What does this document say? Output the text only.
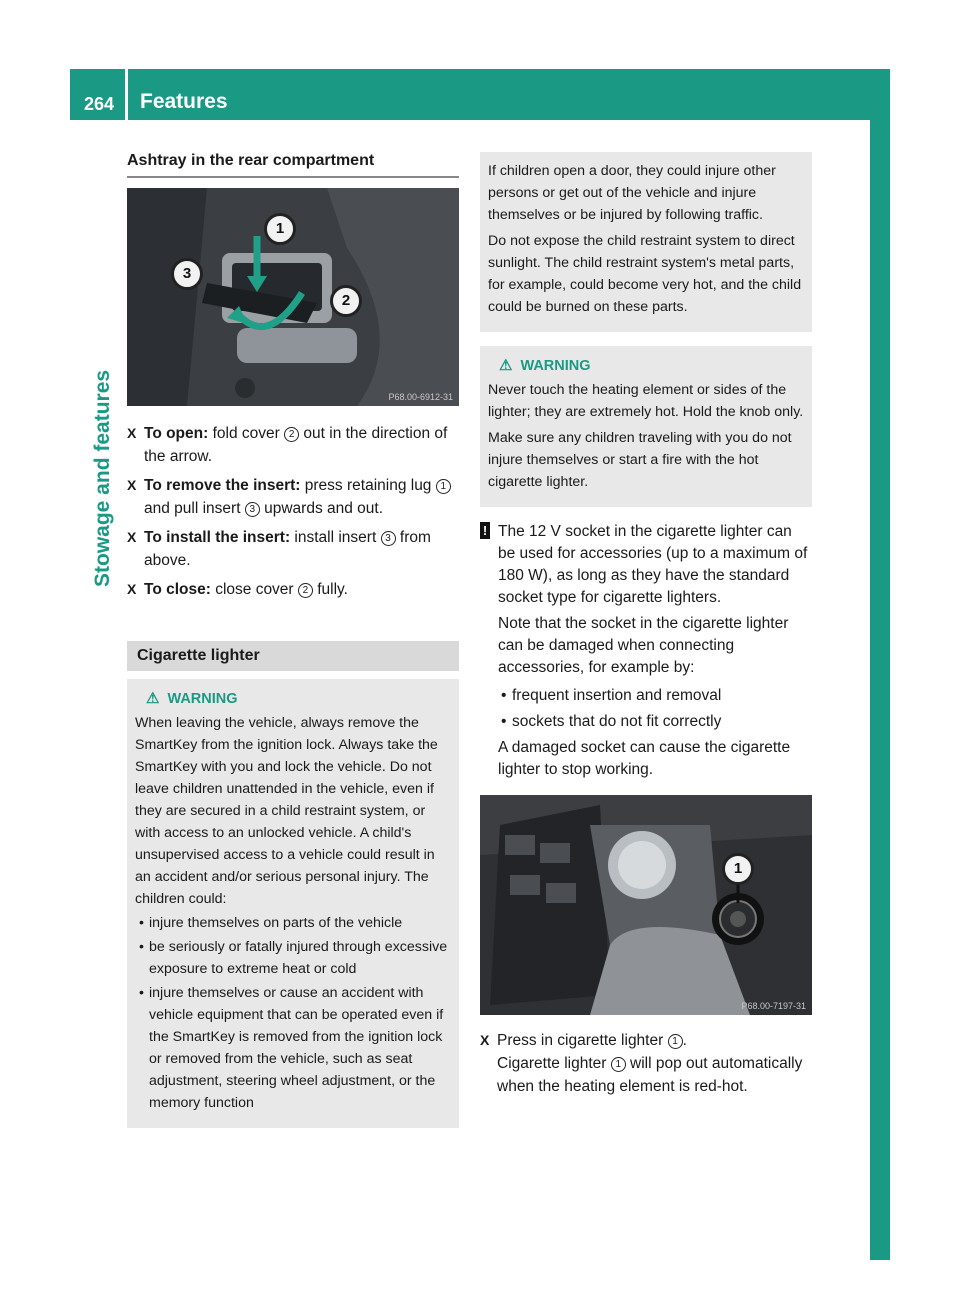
264 Features
Stowage and features
Ashtray in the rear compartment
1
2
3
P68.00-6912-31
X To open: fold cover 2 out in the direction of the arrow.
X To remove the insert: press retaining lug 1 and pull insert 3 upwards and out.
X To install the insert: install insert 3 from above.
X To close: close cover 2 fully.
Cigarette lighter
⚠ WARNING

When leaving the vehicle, always remove the SmartKey from the ignition lock. Always take the SmartKey with you and lock the vehicle. Do not leave children unattended in the vehicle, even if they are secured in a child restraint system, or with access to an unlocked vehicle. A child's unsupervised access to a vehicle could result in an accident and/or serious personal injury. The children could:

• injure themselves on parts of the vehicle
• be seriously or fatally injured through excessive exposure to extreme heat or cold
• injure themselves or cause an accident with vehicle equipment that can be operated even if the SmartKey is removed from the ignition lock or removed from the vehicle, such as seat adjustment, steering wheel adjustment, or the memory function

If children open a door, they could injure other persons or get out of the vehicle and injure themselves or be injured by following traffic.

Do not expose the child restraint system to direct sunlight. The child restraint system's metal parts, for example, could become very hot, and the child could be burned on these parts.

⚠ WARNING

Never touch the heating element or sides of the lighter; they are extremely hot. Hold the knob only.

Make sure any children traveling with you do not injure themselves or start a fire with the hot cigarette lighter.

! The 12 V socket in the cigarette lighter can be used for accessories (up to a maximum of 180 W), as long as they have the standard socket type for cigarette lighters.

Note that the socket in the cigarette lighter can be damaged when connecting accessories, for example by:

• frequent insertion and removal
• sockets that do not fit correctly

A damaged socket can cause the cigarette lighter to stop working.

1
P68.00-7197-31
X Press in cigarette lighter 1 .
Cigarette lighter 1 will pop out automatically when the heating element is red-hot.
